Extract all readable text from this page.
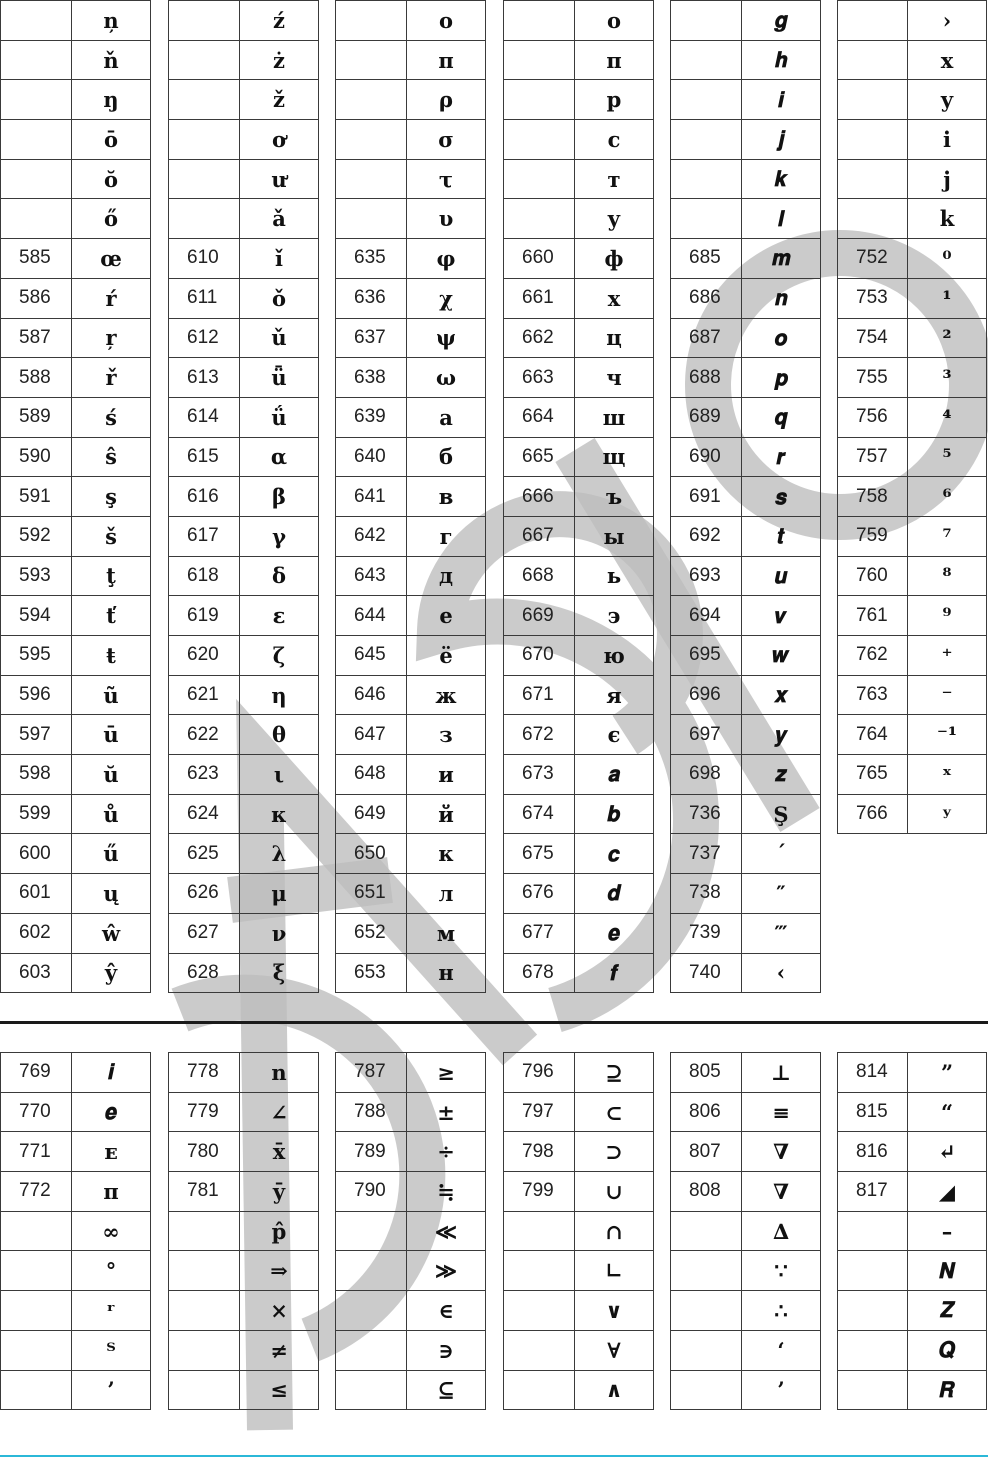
	ņ
	ň
	ŋ
	ō
	ŏ
	ő
585	œ
586	ŕ
587	ŗ
588	ř
589	ś
590	ŝ
591	ş
592	š
593	ţ
594	ť
595	ŧ
596	ũ
597	ū
598	ŭ
599	ů
600	ű
601	ų
602	ŵ
603	ŷ
	ź
	ż
	ž
	ơ
	ư
	ǎ
610	ǐ
611	ǒ
612	ǔ
613	ǖ
614	ǘ
615	α
616	β
617	γ
618	δ
619	ε
620	ζ
621	η
622	θ
623	ι
624	κ
625	λ
626	μ
627	ν
628	ξ
	ο
	π
	ρ
	σ
	τ
	υ
635	φ
636	χ
637	ψ
638	ω
639	а
640	б
641	в
642	г
643	д
644	е
645	ё
646	ж
647	з
648	и
649	й
650	к
651	л
652	м
653	н
	о
	п
	р
	с
	т
	у
660	ф
661	х
662	ц
663	ч
664	ш
665	щ
666	ъ
667	ы
668	ь
669	э
670	ю
671	я
672	є
673	𝒂
674	𝒃
675	𝒄
676	𝒅
677	𝒆
678	𝒇
	𝒈
	𝒉
	𝒊
	𝒋
	𝒌
	𝒍
685	𝒎
686	𝒏
687	𝒐
688	𝒑
689	𝒒
690	𝒓
691	𝒔
692	𝒕
693	𝒖
694	𝒗
695	𝒘
696	𝒙
697	𝒚
698	𝒛
736	Ş
737	´
738	″
739	‴
740	‹
	›
	x
	y
	i
	j
	k
752	⁰
753	¹
754	²
755	³
756	⁴
757	⁵
758	⁶
759	⁷
760	⁸
761	⁹
762	⁺
763	⁻
764	⁻¹
765	ˣ
766	ʸ
769	𝒊
770	𝒆
771	ᴇ
772	π
	∞
	°
	ʳ
	ᵀ
	’
778	n
779	∠
780	x̄
781	ȳ
	p̂
	⇒
	×
	≠
	≤
787	≥
788	±
789	÷
790	≒
	≪
	≫
	∈
	∋
	⊆
796	⊇
797	⊂
798	⊃
799	∪
	∩
	∟
	∨
	∀
	∧
805	⊥
806	≡
807	∇
808	∇
	∆
	∵
	∴
	‘
	’
814	”
815	“
816	↵
817	◢
	–
	𝑵
	𝒁
	𝑸
	𝑹
